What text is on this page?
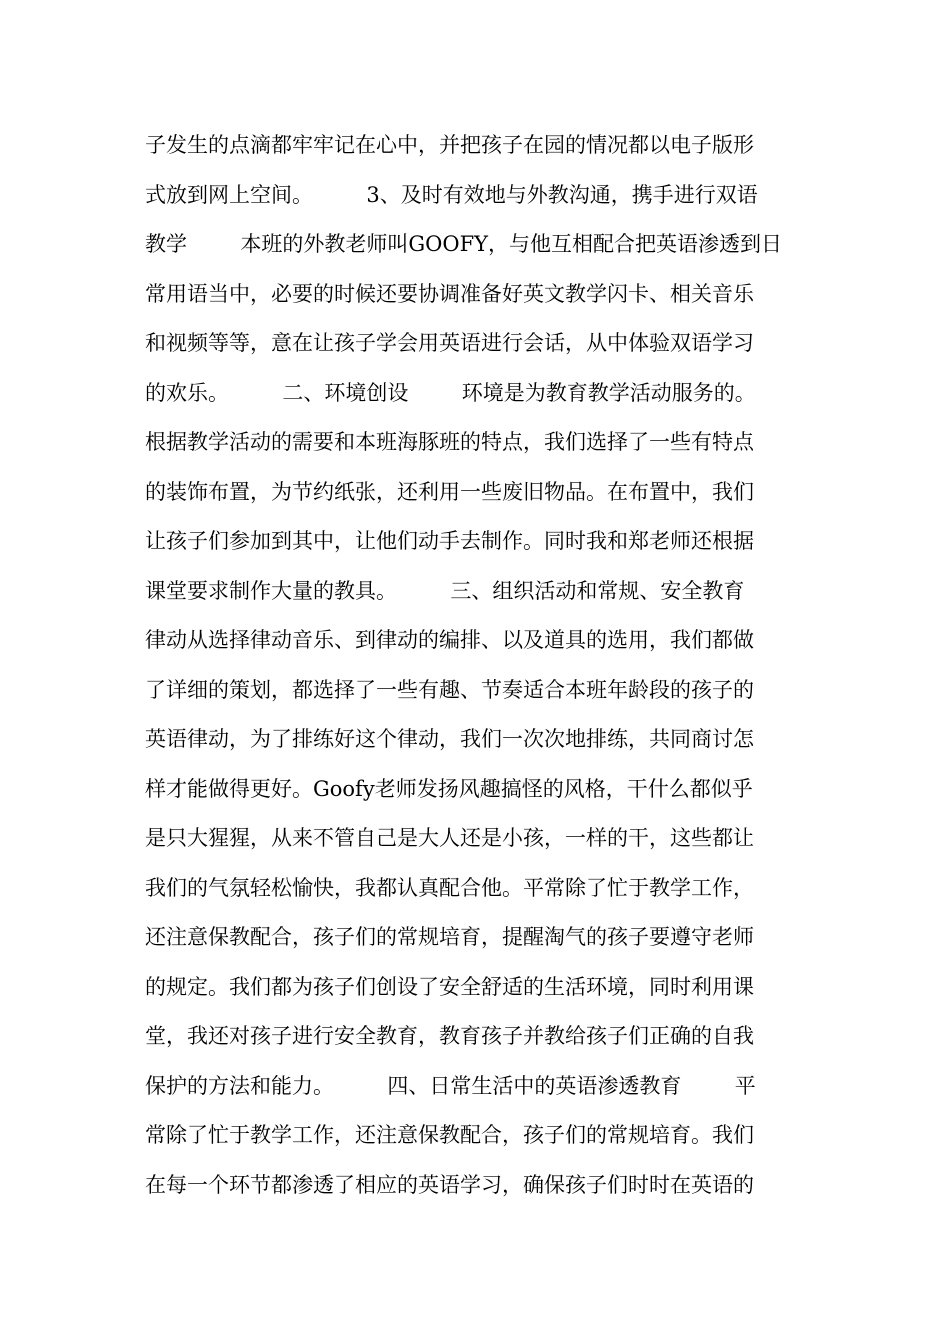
子发生的点滴都牢牢记在心中，并把孩子在园的情况都以电子版形
式放到网上空间。        3、及时有效地与外教沟通，携手进行双语
教学        本班的外教老师叫GOOFY，与他互相配合把英语渗透到日
常用语当中，必要的时候还要协调准备好英文教学闪卡、相关音乐
和视频等等，意在让孩子学会用英语进行会话，从中体验双语学习
的欢乐。        二、环境创设        环境是为教育教学活动服务的。
根据教学活动的需要和本班海豚班的特点，我们选择了一些有特点
的装饰布置，为节约纸张，还利用一些废旧物品。在布置中，我们
让孩子们参加到其中，让他们动手去制作。同时我和郑老师还根据
课堂要求制作大量的教具。        三、组织活动和常规、安全教育
律动从选择律动音乐、到律动的编排、以及道具的选用，我们都做
了详细的策划，都选择了一些有趣、节奏适合本班年龄段的孩子的
英语律动，为了排练好这个律动，我们一次次地排练，共同商讨怎
样才能做得更好。Goofy老师发扬风趣搞怪的风格，干什么都似乎
是只大猩猩，从来不管自己是大人还是小孩，一样的干，这些都让
我们的气氛轻松愉快，我都认真配合他。平常除了忙于教学工作，
还注意保教配合，孩子们的常规培育，提醒淘气的孩子要遵守老师
的规定。我们都为孩子们创设了安全舒适的生活环境，同时利用课
堂，我还对孩子进行安全教育，教育孩子并教给孩子们正确的自我
保护的方法和能力。        四、日常生活中的英语渗透教育        平
常除了忙于教学工作，还注意保教配合，孩子们的常规培育。我们
在每一个环节都渗透了相应的英语学习，确保孩子们时时在英语的
